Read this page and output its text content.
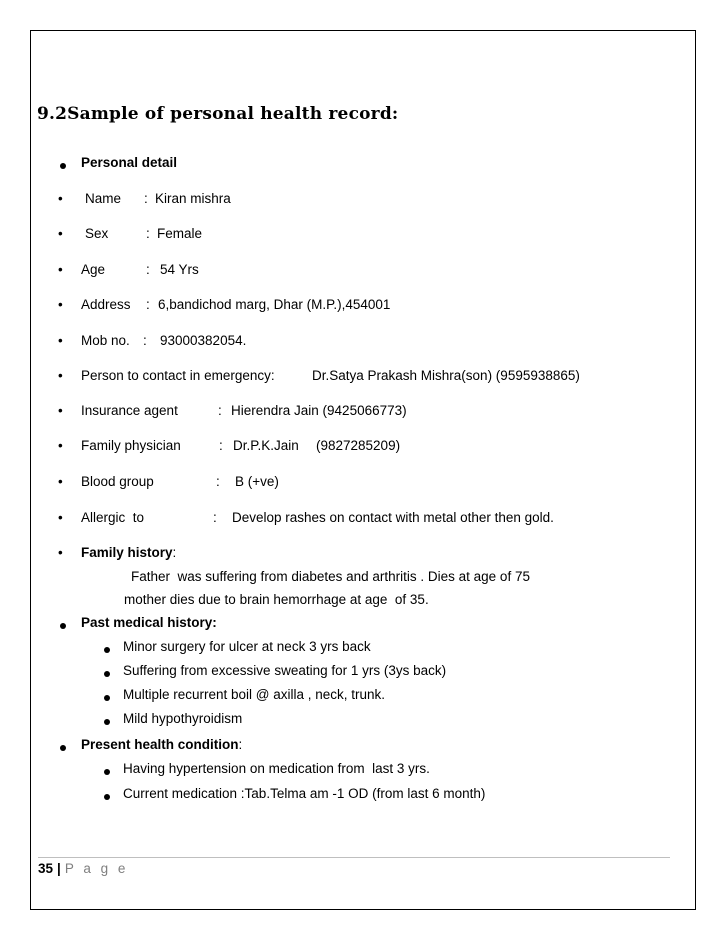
9.2Sample of personal health record:
Personal detail
• Name : Kiran mishra
• Sex	: Female
• Age	: 54 Yrs
• Address : 6,bandichod marg, Dhar (M.P.),454001
• Mob no. : 93000382054.
• Person to contact in emergency:	Dr.Satya Prakash Mishra(son) (9595938865)
• Insurance agent	: Hierendra Jain (9425066773)
• Family physician	: Dr.P.K.Jain (9827285209)
• Blood group	: B (+ve)
• Allergic  to	: Develop rashes on contact with metal other then gold.
• Family history:
Father  was suffering from diabetes and arthritis . Dies at age of 75
mother dies due to brain hemorrhage at age  of 35.
Past medical history:
Minor surgery for ulcer at neck 3 yrs back
Suffering from excessive sweating for 1 yrs (3ys back)
Multiple recurrent boil @ axilla , neck, trunk.
Mild hypothyroidism
Present health condition:
Having hypertension on medication from  last 3 yrs.
Current medication :Tab.Telma am -1 OD (from last 6 month)
35 | P a g e
